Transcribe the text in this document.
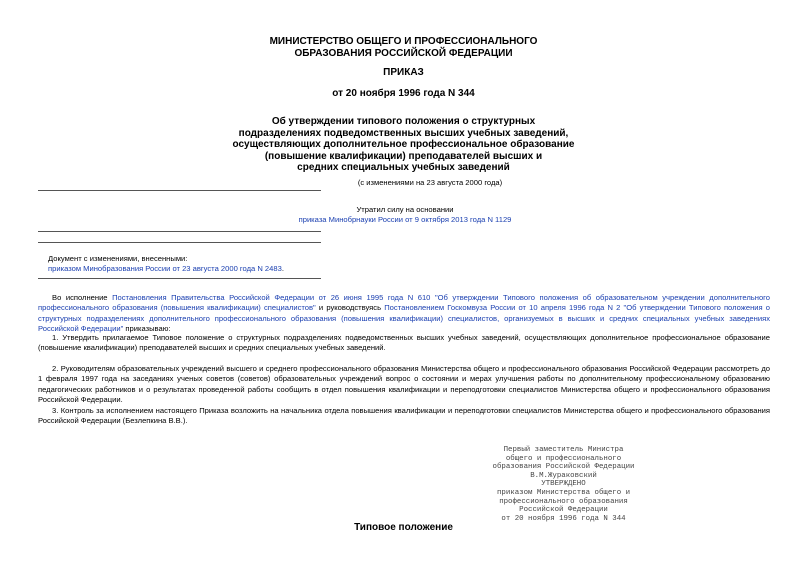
МИНИСТЕРСТВО ОБЩЕГО И ПРОФЕССИОНАЛЬНОГО
ОБРАЗОВАНИЯ РОССИЙСКОЙ ФЕДЕРАЦИИ
ПРИКАЗ
от 20 ноября 1996 года N 344
Об утверждении типового положения о структурных
подразделениях подведомственных высших учебных заведений,
осуществляющих дополнительное профессиональное образование
(повышение квалификации) преподавателей высших и
средних специальных учебных заведений
(с изменениями на 23 августа 2000 года)
Утратил силу на основании
приказа Минобрнауки России от 9 октября 2013 года N 1129
Документ с изменениями, внесенными:
приказом Минобразования России от 23 августа 2000 года N 2483.
Во исполнение Постановления Правительства Российской Федерации от 26 июня 1995 года N 610 "Об утверждении Типового положения об образовательном учреждении дополнительного профессионального образования (повышения квалификации) специалистов" и руководствуясь Постановлением Госкомвуза России от 10 апреля 1996 года N 2 "Об утверждении Типового положения о структурных подразделениях дополнительного профессионального образования (повышения квалификации) специалистов, организуемых в высших и средних специальных учебных заведениях Российской Федерации" приказываю:
1. Утвердить прилагаемое Типовое положение о структурных подразделениях подведомственных высших учебных заведений, осуществляющих дополнительное профессиональное образование (повышение квалификации) преподавателей высших и средних специальных учебных заведений.
2. Руководителям образовательных учреждений высшего и среднего профессионального образования Министерства общего и профессионального образования Российской Федерации рассмотреть до 1 февраля 1997 года на заседаниях ученых советов (советов) образовательных учреждений вопрос о состоянии и мерах улучшения работы по дополнительному профессиональному образованию педагогических работников и о результатах проведенной работы сообщить в отдел повышения квалификации и переподготовки специалистов Министерства общего и профессионального образования Российской Федерации.
3. Контроль за исполнением настоящего Приказа возложить на начальника отдела повышения квалификации и переподготовки специалистов Министерства общего и профессионального образования Российской Федерации (Безлепкина В.В.).
Первый заместитель Министра
общего и профессионального
образования Российской Федерации
В.М.Жураковский
УТВЕРЖДЕНО
приказом Министерства общего и
профессионального образования
Российской Федерации
от 20 ноября 1996 года N 344
Типовое положение
